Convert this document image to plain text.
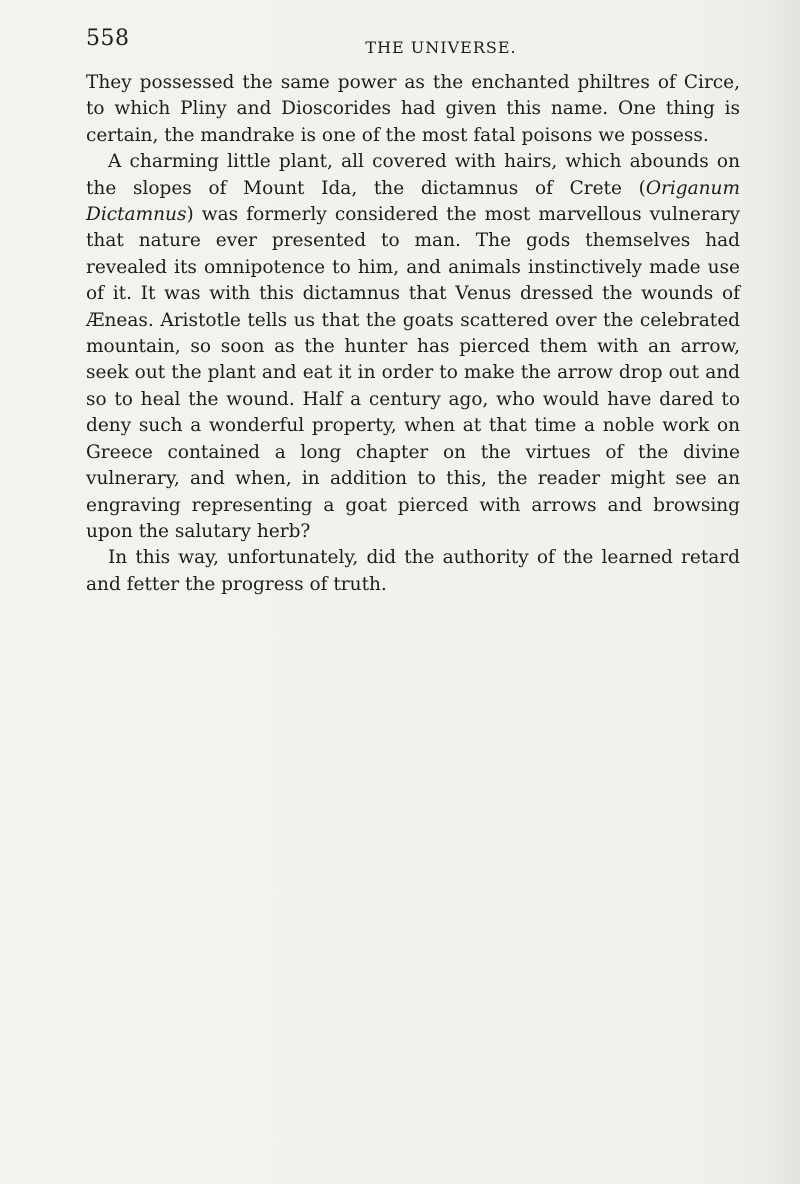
558	THE UNIVERSE.

They possessed the same power as the enchanted philtres of Circe, to which Pliny and Dioscorides had given this name. One thing is certain, the mandrake is one of the most fatal poisons we possess.

A charming little plant, all covered with hairs, which abounds on the slopes of Mount Ida, the dictamnus of Crete (Origanum Dictamnus) was formerly considered the most marvellous vulnerary that nature ever presented to man. The gods themselves had revealed its omnipotence to him, and animals instinctively made use of it. It was with this dictamnus that Venus dressed the wounds of Æneas. Aristotle tells us that the goats scattered over the celebrated mountain, so soon as the hunter has pierced them with an arrow, seek out the plant and eat it in order to make the arrow drop out and so to heal the wound. Half a century ago, who would have dared to deny such a wonderful property, when at that time a noble work on Greece contained a long chapter on the virtues of the divine vulnerary, and when, in addition to this, the reader might see an engraving representing a goat pierced with arrows and browsing upon the salutary herb?

In this way, unfortunately, did the authority of the learned retard and fetter the progress of truth.
